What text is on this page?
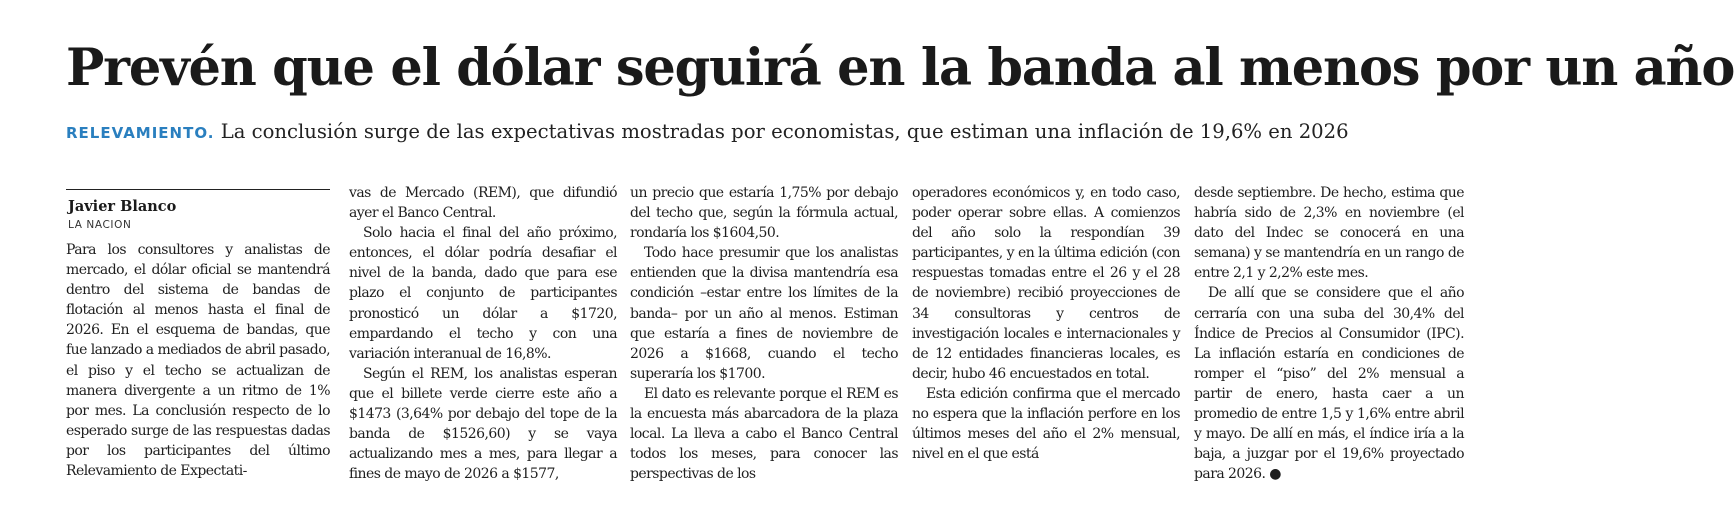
Prevén que el dólar seguirá en la banda al menos por un año

RELEVAMIENTO. La conclusión surge de las expectativas mostradas por economistas, que estiman una inflación de 19,6% en 2026

Javier Blanco

LA NACION

Para los consultores y analistas de mercado, el dólar oficial se mantendrá dentro del sistema de bandas de flotación al menos hasta el final de 2026. En el esquema de bandas, que fue lanzado a mediados de abril pasado, el piso y el techo se actualizan de manera divergente a un ritmo de 1% por mes. La conclusión respecto de lo esperado surge de las respuestas dadas por los participantes del último Relevamiento de Expectati-

vas de Mercado (REM), que difundió ayer el Banco Central.

Solo hacia el final del año próximo, entonces, el dólar podría desafiar el nivel de la banda, dado que para ese plazo el conjunto de participantes pronosticó un dólar a $1720, empardando el techo y con una variación interanual de 16,8%.

Según el REM, los analistas esperan que el billete verde cierre este año a $1473 (3,64% por debajo del tope de la banda de $1526,60) y se vaya actualizando mes a mes, para llegar a fines de mayo de 2026 a $1577,

un precio que estaría 1,75% por debajo del techo que, según la fórmula actual, rondaría los $1604,50.

Todo hace presumir que los analistas entienden que la divisa mantendría esa condición –estar entre los límites de la banda– por un año al menos. Estiman que estaría a fines de noviembre de 2026 a $1668, cuando el techo superaría los $1700.

El dato es relevante porque el REM es la encuesta más abarcadora de la plaza local. La lleva a cabo el Banco Central todos los meses, para conocer las perspectivas de los

operadores económicos y, en todo caso, poder operar sobre ellas. A comienzos del año solo la respondían 39 participantes, y en la última edición (con respuestas tomadas entre el 26 y el 28 de noviembre) recibió proyecciones de 34 consultoras y centros de investigación locales e internacionales y de 12 entidades financieras locales, es decir, hubo 46 encuestados en total.

Esta edición confirma que el mercado no espera que la inflación perfore en los últimos meses del año el 2% mensual, nivel en el que está

desde septiembre. De hecho, estima que habría sido de 2,3% en noviembre (el dato del Indec se conocerá en una semana) y se mantendría en un rango de entre 2,1 y 2,2% este mes.

De allí que se considere que el año cerraría con una suba del 30,4% del Índice de Precios al Consumidor (IPC). La inflación estaría en condiciones de romper el “piso” del 2% mensual a partir de enero, hasta caer a un promedio de entre 1,5 y 1,6% entre abril y mayo. De allí en más, el índice iría a la baja, a juzgar por el 19,6% proyectado para 2026. ●
